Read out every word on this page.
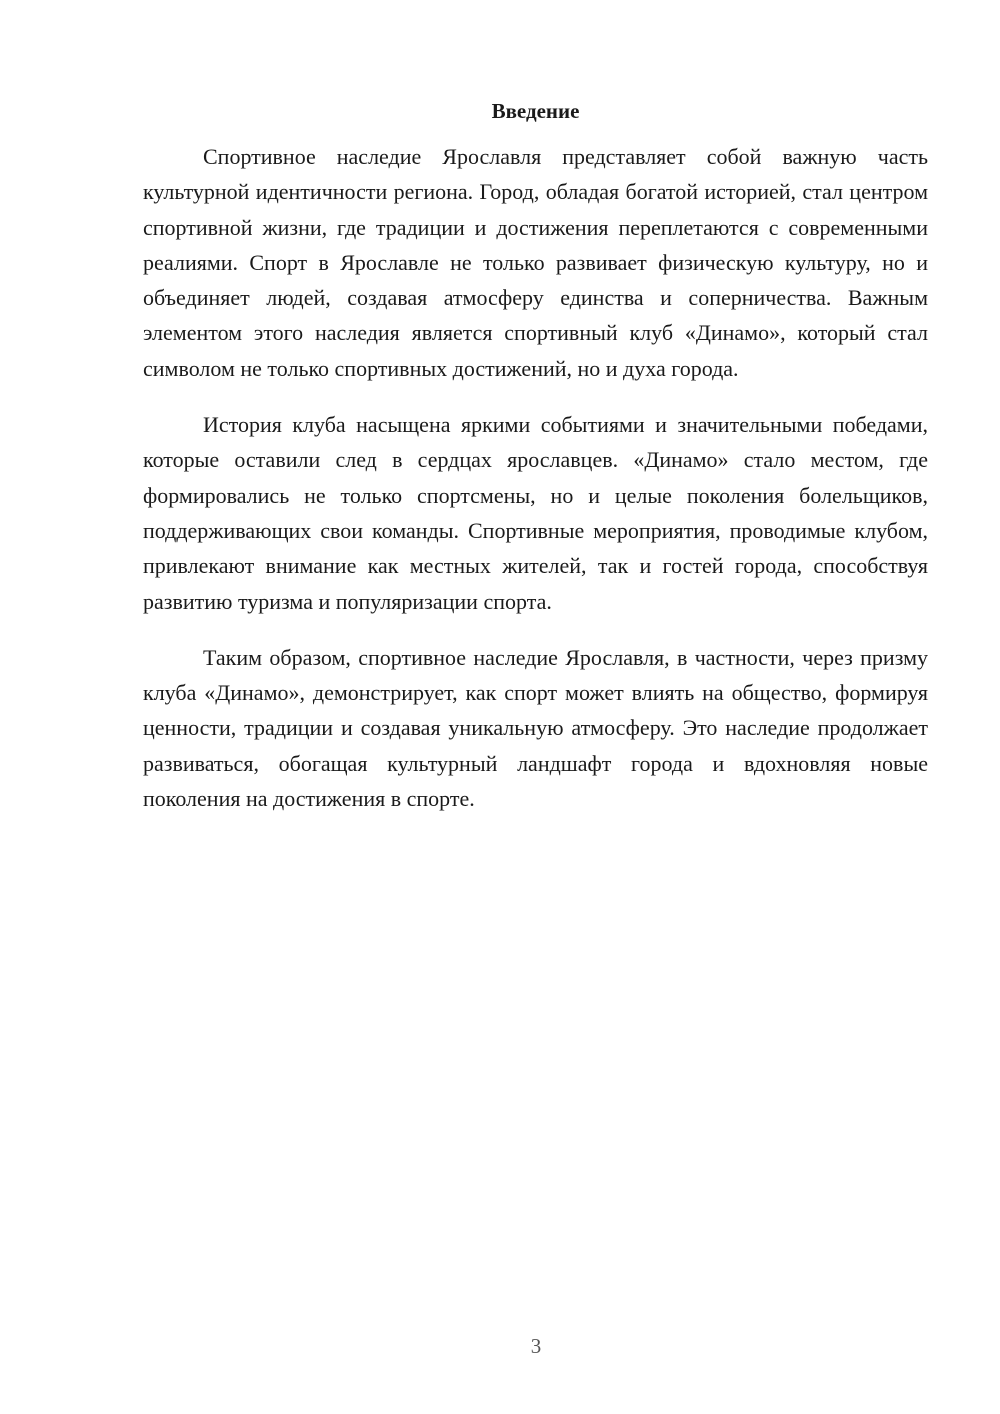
Введение

Спортивное наследие Ярославля представляет собой важную часть культурной идентичности региона. Город, обладая богатой историей, стал центром спортивной жизни, где традиции и достижения переплетаются с современными реалиями. Спорт в Ярославле не только развивает физическую культуру, но и объединяет людей, создавая атмосферу единства и соперничества. Важным элементом этого наследия является спортивный клуб «Динамо», который стал символом не только спортивных достижений, но и духа города.

История клуба насыщена яркими событиями и значительными победами, которые оставили след в сердцах ярославцев. «Динамо» стало местом, где формировались не только спортсмены, но и целые поколения болельщиков, поддерживающих свои команды. Спортивные мероприятия, проводимые клубом, привлекают внимание как местных жителей, так и гостей города, способствуя развитию туризма и популяризации спорта.

Таким образом, спортивное наследие Ярославля, в частности, через призму клуба «Динамо», демонстрирует, как спорт может влиять на общество, формируя ценности, традиции и создавая уникальную атмосферу. Это наследие продолжает развиваться, обогащая культурный ландшафт города и вдохновляя новые поколения на достижения в спорте.

3
